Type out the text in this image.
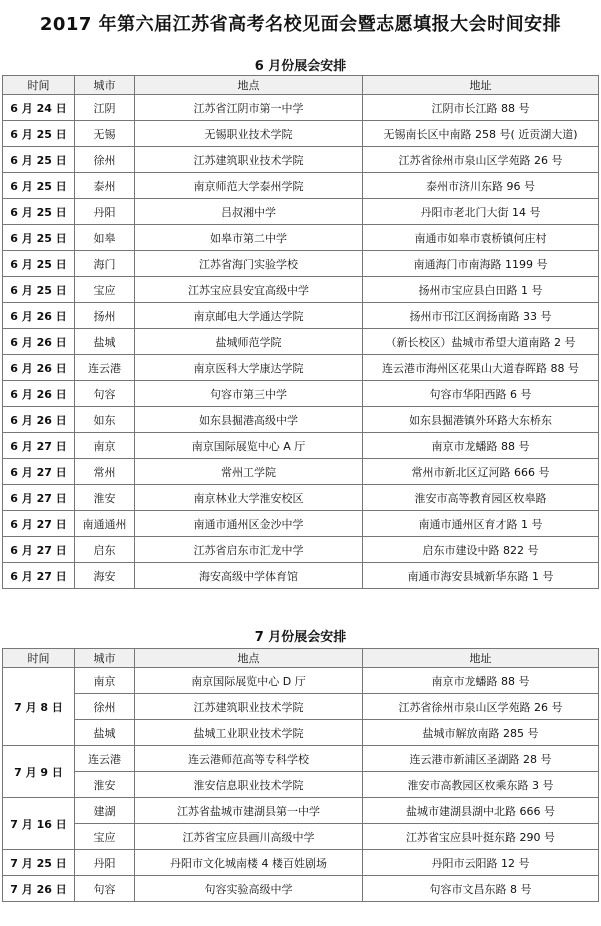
2017 年第六届江苏省高考名校见面会暨志愿填报大会时间安排
6 月份展会安排
时间	城市	地点	地址
6 月 24 日	江阴	江苏省江阴市第一中学	江阴市长江路 88 号
6 月 25 日	无锡	无锡职业技术学院	无锡南长区中南路 258 号( 近贡湖大道)
6 月 25 日	徐州	江苏建筑职业技术学院	江苏省徐州市泉山区学苑路 26 号
6 月 25 日	泰州	南京师范大学泰州学院	泰州市济川东路 96 号
6 月 25 日	丹阳	吕叔湘中学	丹阳市老北门大街 14 号
6 月 25 日	如皋	如皋市第二中学	南通市如皋市袁桥镇何庄村
6 月 25 日	海门	江苏省海门实验学校	南通海门市南海路 1199 号
6 月 25 日	宝应	江苏宝应县安宜高级中学	扬州市宝应县白田路 1 号
6 月 26 日	扬州	南京邮电大学通达学院	扬州市邗江区润扬南路 33 号
6 月 26 日	盐城	盐城师范学院	（新长校区）盐城市希望大道南路 2 号
6 月 26 日	连云港	南京医科大学康达学院	连云港市海州区花果山大道春晖路 88 号
6 月 26 日	句容	句容市第三中学	句容市华阳西路 6 号
6 月 26 日	如东	如东县掘港高级中学	如东县掘港镇外环路大东桥东
6 月 27 日	南京	南京国际展览中心 A 厅	南京市龙蟠路 88 号
6 月 27 日	常州	常州工学院	常州市新北区辽河路 666 号
6 月 27 日	淮安	南京林业大学淮安校区	淮安市高等教育园区枚皋路
6 月 27 日	南通通州	南通市通州区金沙中学	南通市通州区育才路 1 号
6 月 27 日	启东	江苏省启东市汇龙中学	启东市建设中路 822 号
6 月 27 日	海安	海安高级中学体育馆	南通市海安县城新华东路 1 号
7 月份展会安排
时间	城市	地点	地址
7 月 8 日	南京	南京国际展览中心 D 厅	南京市龙蟠路 88 号
	徐州	江苏建筑职业技术学院	江苏省徐州市泉山区学苑路 26 号
	盐城	盐城工业职业技术学院	盐城市解放南路 285 号
7 月 9 日	连云港	连云港师范高等专科学校	连云港市新浦区圣湖路 28 号
	淮安	淮安信息职业技术学院	淮安市高教园区枚乘东路 3 号
7 月 16 日	建湖	江苏省盐城市建湖县第一中学	盐城市建湖县湖中北路 666 号
	宝应	江苏省宝应县画川高级中学	江苏省宝应县叶挺东路 290 号
7 月 25 日	丹阳	丹阳市文化城南楼 4 楼百姓剧场	丹阳市云阳路 12 号
7 月 26 日	句容	句容实验高级中学	句容市文昌东路 8 号
